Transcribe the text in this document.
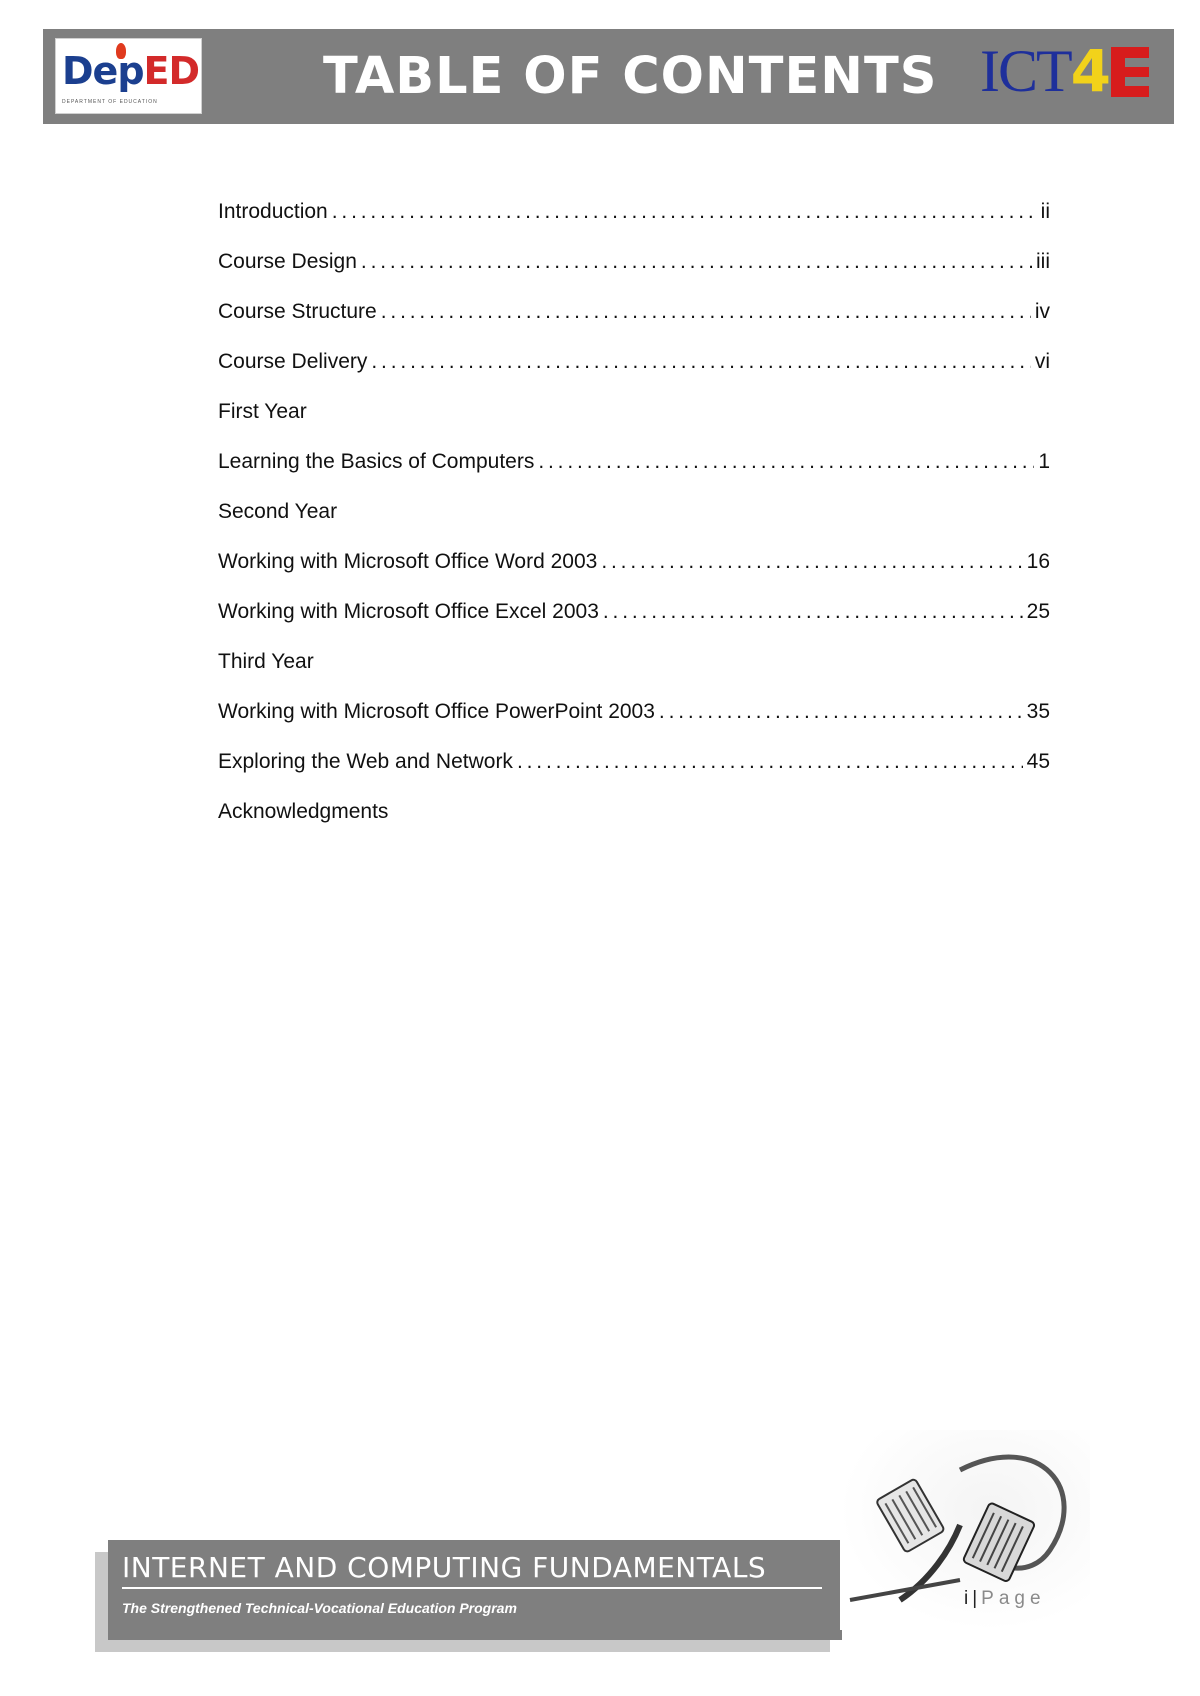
DepED
DEPARTMENT OF EDUCATION	TABLE OF CONTENTS ICT4
Introduction . . .	ii
Course Design . . .	iii
Course Structure . . .	iv
Course Delivery . . .	vi
First Year
Learning the Basics of Computers . . .	1
Second Year
Working with Microsoft Office Word 2003 . . .	16
Working with Microsoft Office Excel 2003 . . .	25
Third Year
Working with Microsoft Office PowerPoint 2003 . . .	35
Exploring the Web and Network . . .	45
Acknowledgments
INTERNET AND COMPUTING FUNDAMENTALS
The Strengthened Technical-Vocational Education Program	i | Page
